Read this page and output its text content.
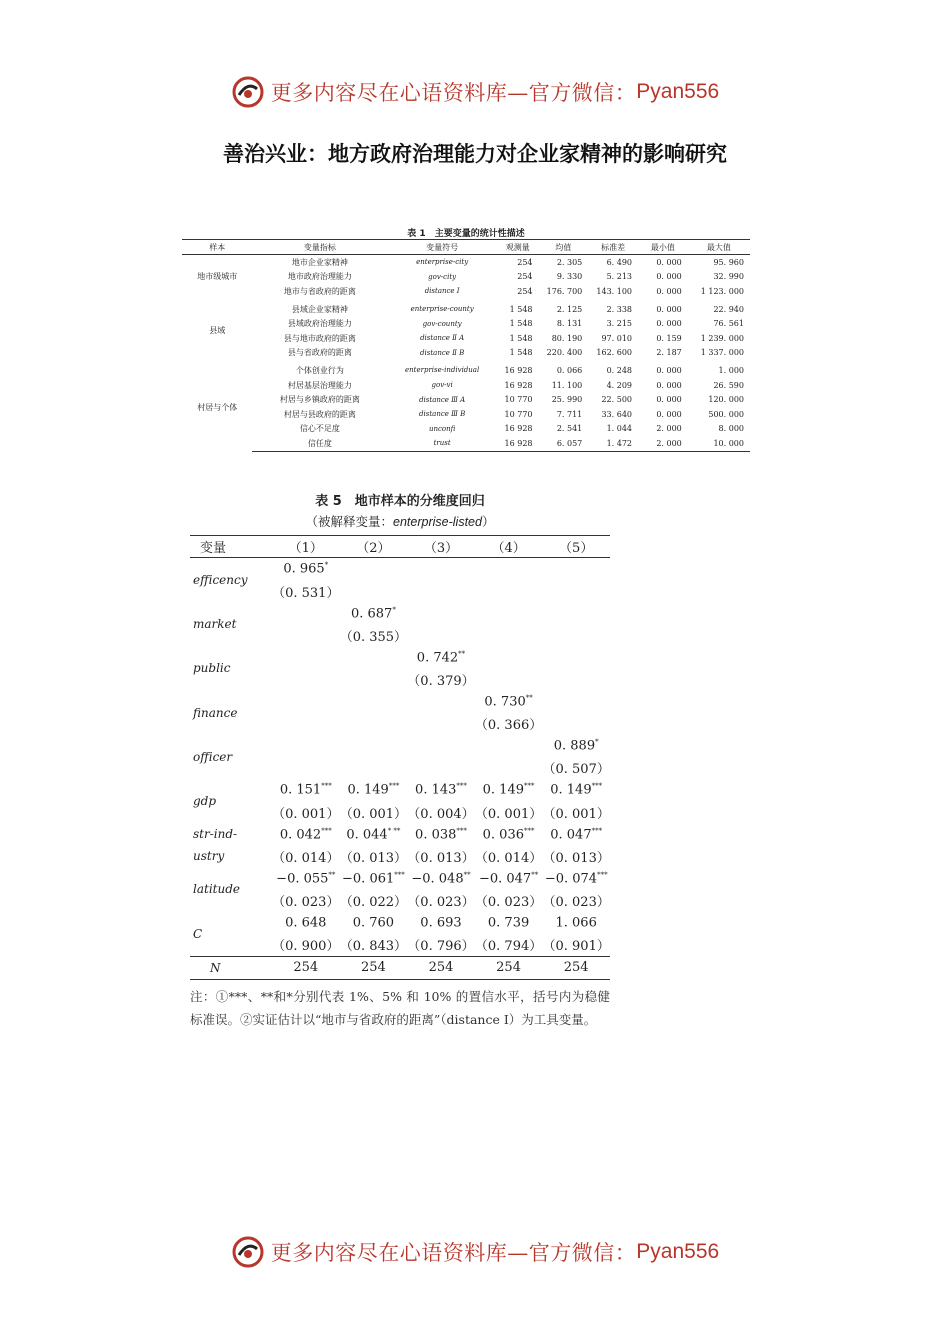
更多内容尽在心语资料库—官方微信： Pyan556
善治兴业：地方政府治理能力对企业家精神的影响研究
表 1　主要变量的统计性描述
样本	变量指标	变量符号	观测量	均值	标准差	最小值	最大值
地市级城市	地市企业家精神	enterprise-city	254	2. 305	6. 490	0. 000	95. 960
	地市政府治理能力	gov-city	254	9. 330	5. 213	0. 000	32. 990
	地市与省政府的距离	distance Ⅰ	254	176. 700	143. 100	0. 000	1 123. 000
县域	县域企业家精神	enterprise-county	1 548	2. 125	2. 338	0. 000	22. 940
	县域政府治理能力	gov-county	1 548	8. 131	3. 215	0. 000	76. 561
	县与地市政府的距离	distance Ⅱ A	1 548	80. 190	97. 010	0. 159	1 239. 000
	县与省政府的距离	distance Ⅱ B	1 548	220. 400	162. 600	2. 187	1 337. 000
村居与个体	个体创业行为	enterprise-individual	16 928	0. 066	0. 248	0. 000	1. 000
	村居基层治理能力	gov-vi	16 928	11. 100	4. 209	0. 000	26. 590
	村居与乡镇政府的距离	distance Ⅲ A	10 770	25. 990	22. 500	0. 000	120. 000
	村居与县政府的距离	distance Ⅲ B	10 770	7. 711	33. 640	0. 000	500. 000
	信心不足度	unconfi	16 928	2. 541	1. 044	2. 000	8. 000
	信任度	trust	16 928	6. 057	1. 472	2. 000	10. 000
表 5　地市样本的分维度回归
（被解释变量：enterprise-listed）
变量	（1）	（2）	（3）	（4）	（5）
efficency	0. 965*				
	（0. 531）				
market		0. 687*			
		（0. 355）			
public			0. 742**		
			（0. 379）		
finance				0. 730**	
				（0. 366）	
officer					0. 889*
					（0. 507）
gdp	0. 151***	0. 149***	0. 143***	0. 149***	0. 149***
	（0. 001）	（0. 001）	（0. 004）	（0. 001）	（0. 001）
str-ind-	0. 042***	0. 044* **	0. 038***	0. 036***	0. 047***
ustry	（0. 014）	（0. 013）	（0. 013）	（0. 014）	（0. 013）
latitude	−0. 055**	−0. 061***	−0. 048**	−0. 047**	−0. 074***
	（0. 023）	（0. 022）	（0. 023）	（0. 023）	（0. 023）
C	0. 648	0. 760	0. 693	0. 739	1. 066
	（0. 900）	（0. 843）	（0. 796）	（0. 794）	（0. 901）
N	254	254	254	254	254
注：①***、**和*分别代表 1%、5% 和 10% 的置信水平，括号内为稳健标准误。②实证估计以“地市与省政府的距离”（distance Ⅰ）为工具变量。
更多内容尽在心语资料库—官方微信： Pyan556
